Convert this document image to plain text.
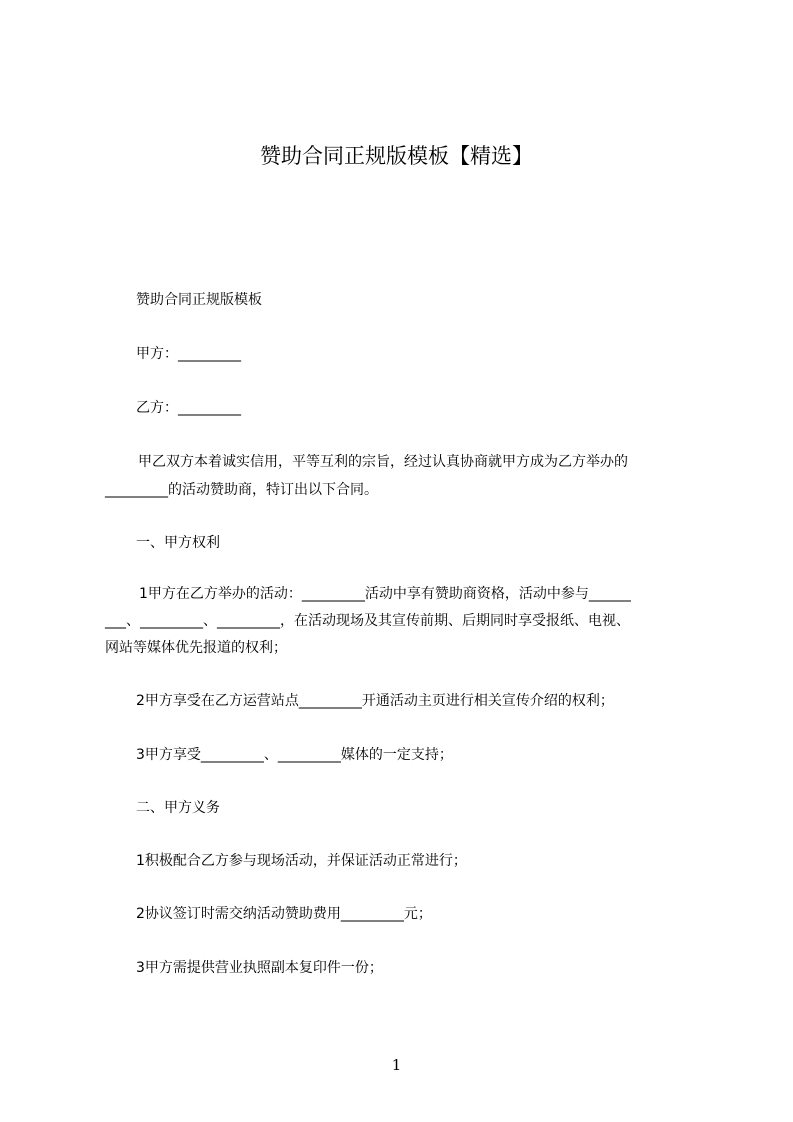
赞助合同正规版模板【精选】
赞助合同正规版模板
甲方：_________
乙方：_________
甲乙双方本着诚实信用，平等互利的宗旨，经过认真协商就甲方成为乙方举办的
_________的活动赞助商，特订出以下合同。
一、甲方权利
1甲方在乙方举办的活动：_________活动中享有赞助商资格，活动中参与______
___、_________、_________，在活动现场及其宣传前期、后期同时享受报纸、电视、
网站等媒体优先报道的权利；
2甲方享受在乙方运营站点_________开通活动主页进行相关宣传介绍的权利；
3甲方享受_________、_________媒体的一定支持；
二、甲方义务
1积极配合乙方参与现场活动，并保证活动正常进行；
2协议签订时需交纳活动赞助费用_________元；
3甲方需提供营业执照副本复印件一份；
1
